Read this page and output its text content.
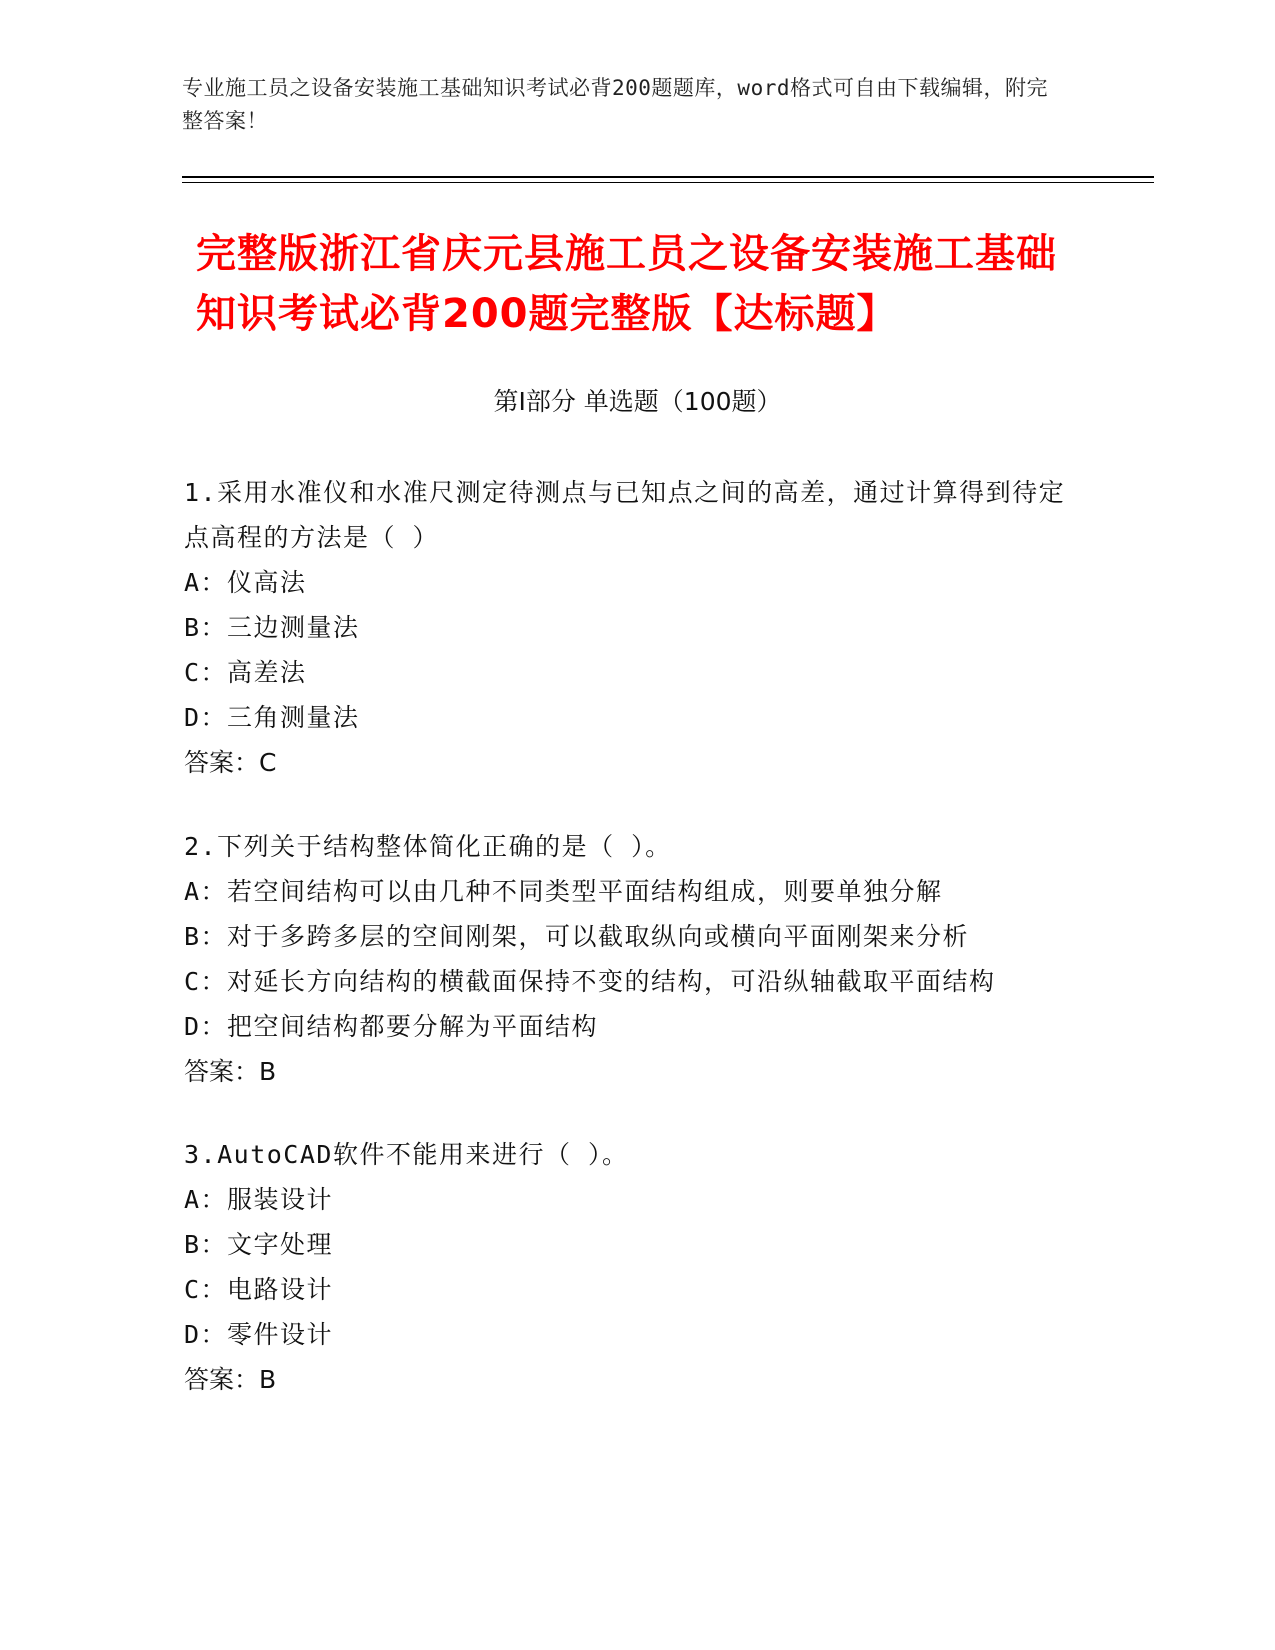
专业施工员之设备安装施工基础知识考试必背200题题库，word格式可自由下载编辑，附完整答案！
完整版浙江省庆元县施工员之设备安装施工基础知识考试必背200题完整版【达标题】
第I部分 单选题（100题）

1.采用水准仪和水准尺测定待测点与已知点之间的高差，通过计算得到待定点高程的方法是（ ）

A：仪高法
B：三边测量法
C：高差法
D：三角测量法
答案：C

2.下列关于结构整体简化正确的是（ ）。

A：若空间结构可以由几种不同类型平面结构组成，则要单独分解
B：对于多跨多层的空间刚架，可以截取纵向或横向平面刚架来分析
C：对延长方向结构的横截面保持不变的结构，可沿纵轴截取平面结构
D：把空间结构都要分解为平面结构
答案：B

3.AutoCAD软件不能用来进行（ ）。

A：服装设计
B：文字处理
C：电路设计
D：零件设计
答案：B
